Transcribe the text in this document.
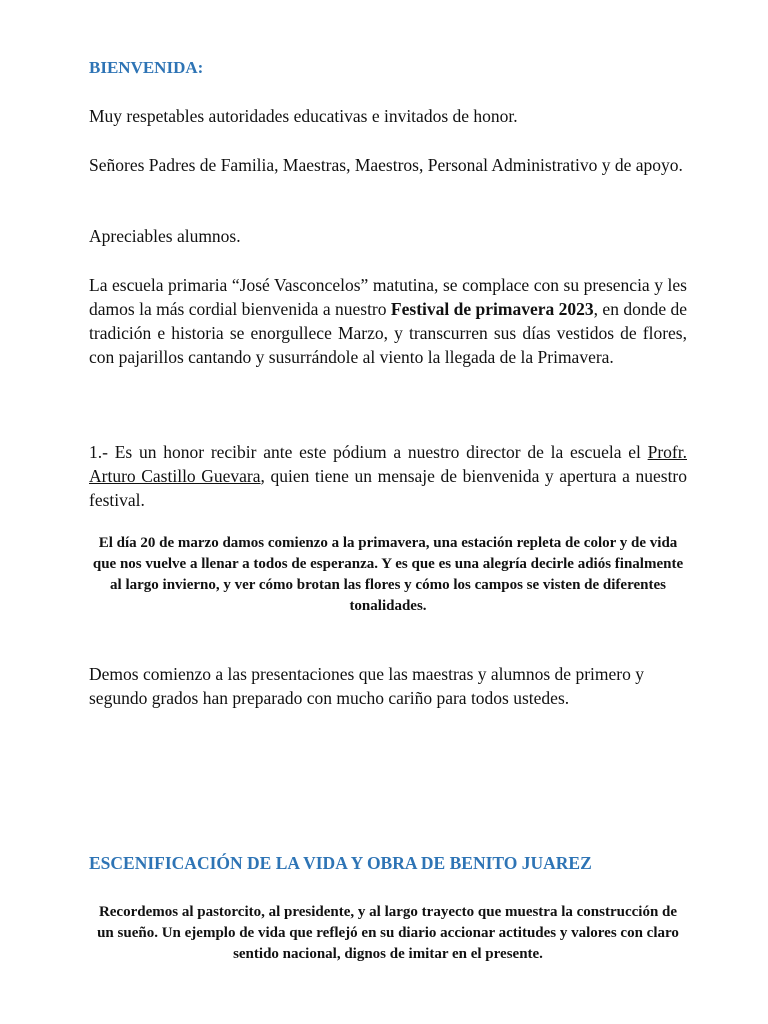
BIENVENIDA:

Muy respetables autoridades educativas e invitados de honor.

Señores Padres de Familia, Maestras, Maestros, Personal Administrativo y de apoyo.

Apreciables alumnos.

La escuela primaria “José Vasconcelos” matutina, se complace con su presencia y les damos la más cordial bienvenida a nuestro Festival de primavera 2023, en donde de tradición e historia se enorgullece Marzo, y transcurren sus días vestidos de flores, con pajarillos cantando y susurrándole al viento la llegada de la Primavera.

1.- Es un honor recibir ante este pódium a nuestro director de la escuela el Profr. Arturo Castillo Guevara, quien tiene un mensaje de bienvenida y apertura a nuestro festival.

El día 20 de marzo damos comienzo a la primavera, una estación repleta de color y de vida que nos vuelve a llenar a todos de esperanza. Y es que es una alegría decirle adiós finalmente al largo invierno, y ver cómo brotan las flores y cómo los campos se visten de diferentes tonalidades.

Demos comienzo a las presentaciones que las maestras y alumnos de primero y segundo grados han preparado con mucho cariño para todos ustedes.

ESCENIFICACIÓN DE LA VIDA Y OBRA DE BENITO JUAREZ

Recordemos al pastorcito, al presidente, y al largo trayecto que muestra la construcción de un sueño. Un ejemplo de vida que reflejó en su diario accionar actitudes y valores con claro sentido nacional, dignos de imitar en el presente.
